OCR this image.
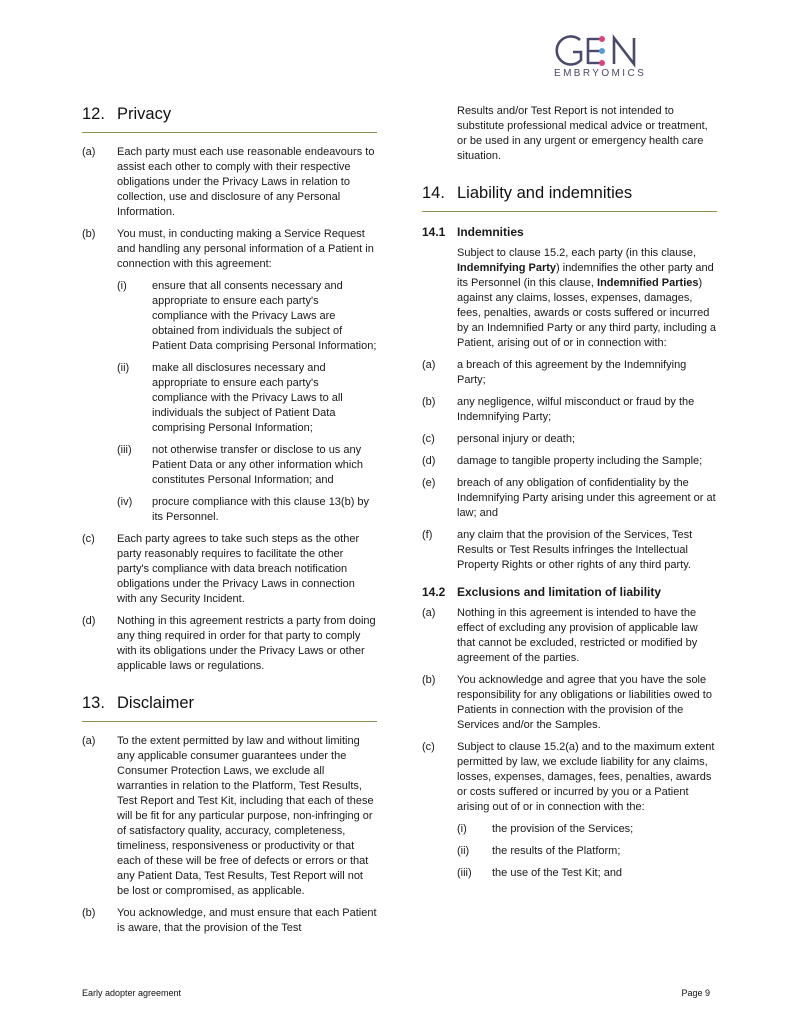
EMBRYOMICS
12. Privacy
(a)	Each party must each use reasonable endeavours to assist each other to comply with their respective obligations under the Privacy Laws in relation to collection, use and disclosure of any Personal Information.
(b)	You must, in conducting making a Service Request and handling any personal information of a Patient in connection with this agreement:
(i)	ensure that all consents necessary and appropriate to ensure each party's compliance with the Privacy Laws are obtained from individuals the subject of Patient Data comprising Personal Information;
(ii)	make all disclosures necessary and appropriate to ensure each party's compliance with the Privacy Laws to all individuals the subject of Patient Data comprising Personal Information;
(iii)	not otherwise transfer or disclose to us any Patient Data or any other information which constitutes Personal Information; and
(iv)	procure compliance with this clause 13(b) by its Personnel.
(c)	Each party agrees to take such steps as the other party reasonably requires to facilitate the other party's compliance with data breach notification obligations under the Privacy Laws in connection with any Security Incident.
(d)	Nothing in this agreement restricts a party from doing any thing required in order for that party to comply with its obligations under the Privacy Laws or other applicable laws or regulations.
13. Disclaimer
(a)	To the extent permitted by law and without limiting any applicable consumer guarantees under the Consumer Protection Laws, we exclude all warranties in relation to the Platform, Test Results, Test Report and Test Kit, including that each of these will be fit for any particular purpose, non-infringing or of satisfactory quality, accuracy, completeness, timeliness, responsiveness or productivity or that each of these will be free of defects or errors or that any Patient Data, Test Results, Test Report will not be lost or compromised, as applicable.
(b)	You acknowledge, and must ensure that each Patient is aware, that the provision of the Test
Results and/or Test Report is not intended to substitute professional medical advice or treatment, or be used in any urgent or emergency health care situation.
14. Liability and indemnities
14.1 Indemnities
Subject to clause 15.2, each party (in this clause, Indemnifying Party) indemnifies the other party and its Personnel (in this clause, Indemnified Parties) against any claims, losses, expenses, damages, fees, penalties, awards or costs suffered or incurred by an Indemnified Party or any third party, including a Patient, arising out of or in connection with:
(a)	a breach of this agreement by the Indemnifying Party;
(b)	any negligence, wilful misconduct or fraud by the Indemnifying Party;
(c)	personal injury or death;
(d)	damage to tangible property including the Sample;
(e)	breach of any obligation of confidentiality by the Indemnifying Party arising under this agreement or at law; and
(f)	any claim that the provision of the Services, Test Results or Test Results infringes the Intellectual Property Rights or other rights of any third party.
14.2 Exclusions and limitation of liability
(a)	Nothing in this agreement is intended to have the effect of excluding any provision of applicable law that cannot be excluded, restricted or modified by agreement of the parties.
(b)	You acknowledge and agree that you have the sole responsibility for any obligations or liabilities owed to Patients in connection with the provision of the Services and/or the Samples.
(c)	Subject to clause 15.2(a) and to the maximum extent permitted by law, we exclude liability for any claims, losses, expenses, damages, fees, penalties, awards or costs suffered or incurred by you or a Patient arising out of or in connection with the:
(i)	the provision of the Services;
(ii)	the results of the Platform;
(iii)	the use of the Test Kit; and
Early adopter agreement	Page 9
